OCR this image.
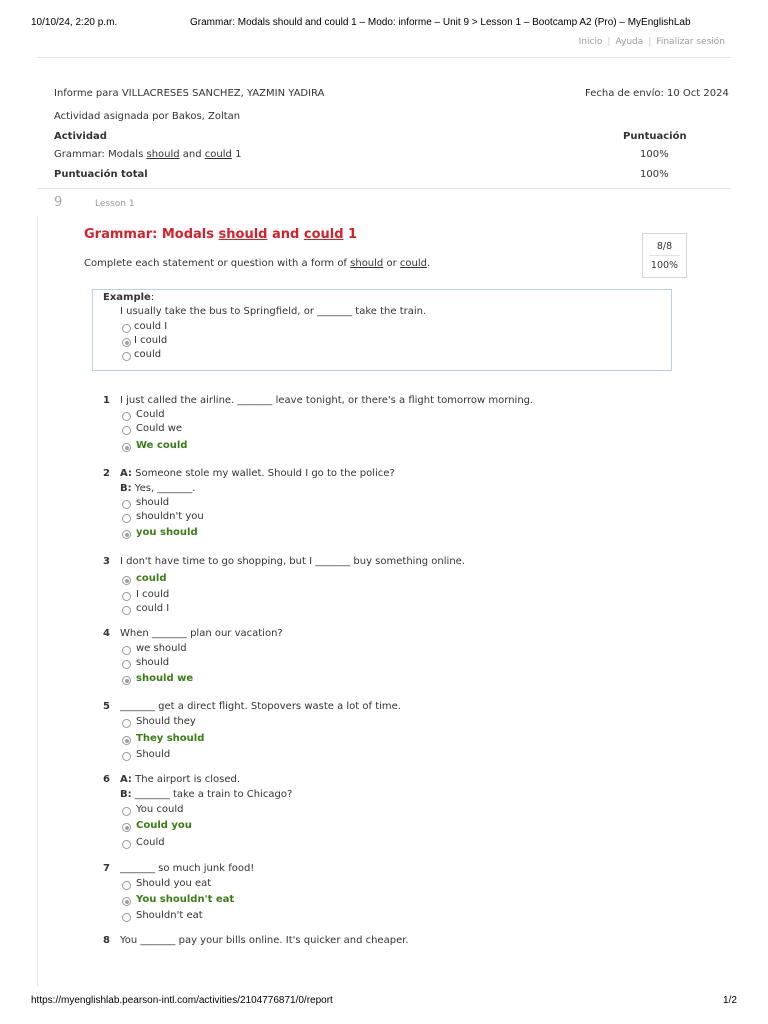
10/10/24, 2:20 p.m.	Grammar: Modals should and could 1 – Modo: informe – Unit 9 > Lesson 1 – Bootcamp A2 (Pro) – MyEnglishLab
Inicio | Ayuda | Finalizar sesión
Informe para VILLACRESES SANCHEZ, YAZMIN YADIRA	Fecha de envío: 10 Oct 2024
Actividad asignada por Bakos, Zoltan
Actividad	Puntuación
Grammar: Modals should and could 1	100%
Puntuación total	100%
9	Lesson 1
Grammar: Modals should and could 1
8/8
100%
Complete each statement or question with a form of should or could.
Example:
I usually take the bus to Springfield, or _______ take the train.
https://myenglishlab.pearson-intl.com/activities/2104776871/0/report	1/2
could I
I could
could
1 I just called the airline. _______ leave tonight, or there's a flight tomorrow morning.
Could
Could we
We could
2 A: Someone stole my wallet. Should I go to the police?
B: Yes, _______.
should
shouldn't you
you should
3 I don't have time to go shopping, but I _______ buy something online.
could
I could
could I
4 When _______ plan our vacation?
we should
should
should we
5 _______ get a direct flight. Stopovers waste a lot of time.
Should they
They should
Should
6 A: The airport is closed.
B: _______ take a train to Chicago?
You could
Could you
Could
7 _______ so much junk food!
Should you eat
You shouldn't eat
Shouldn't eat
8 You _______ pay your bills online. It's quicker and cheaper.
